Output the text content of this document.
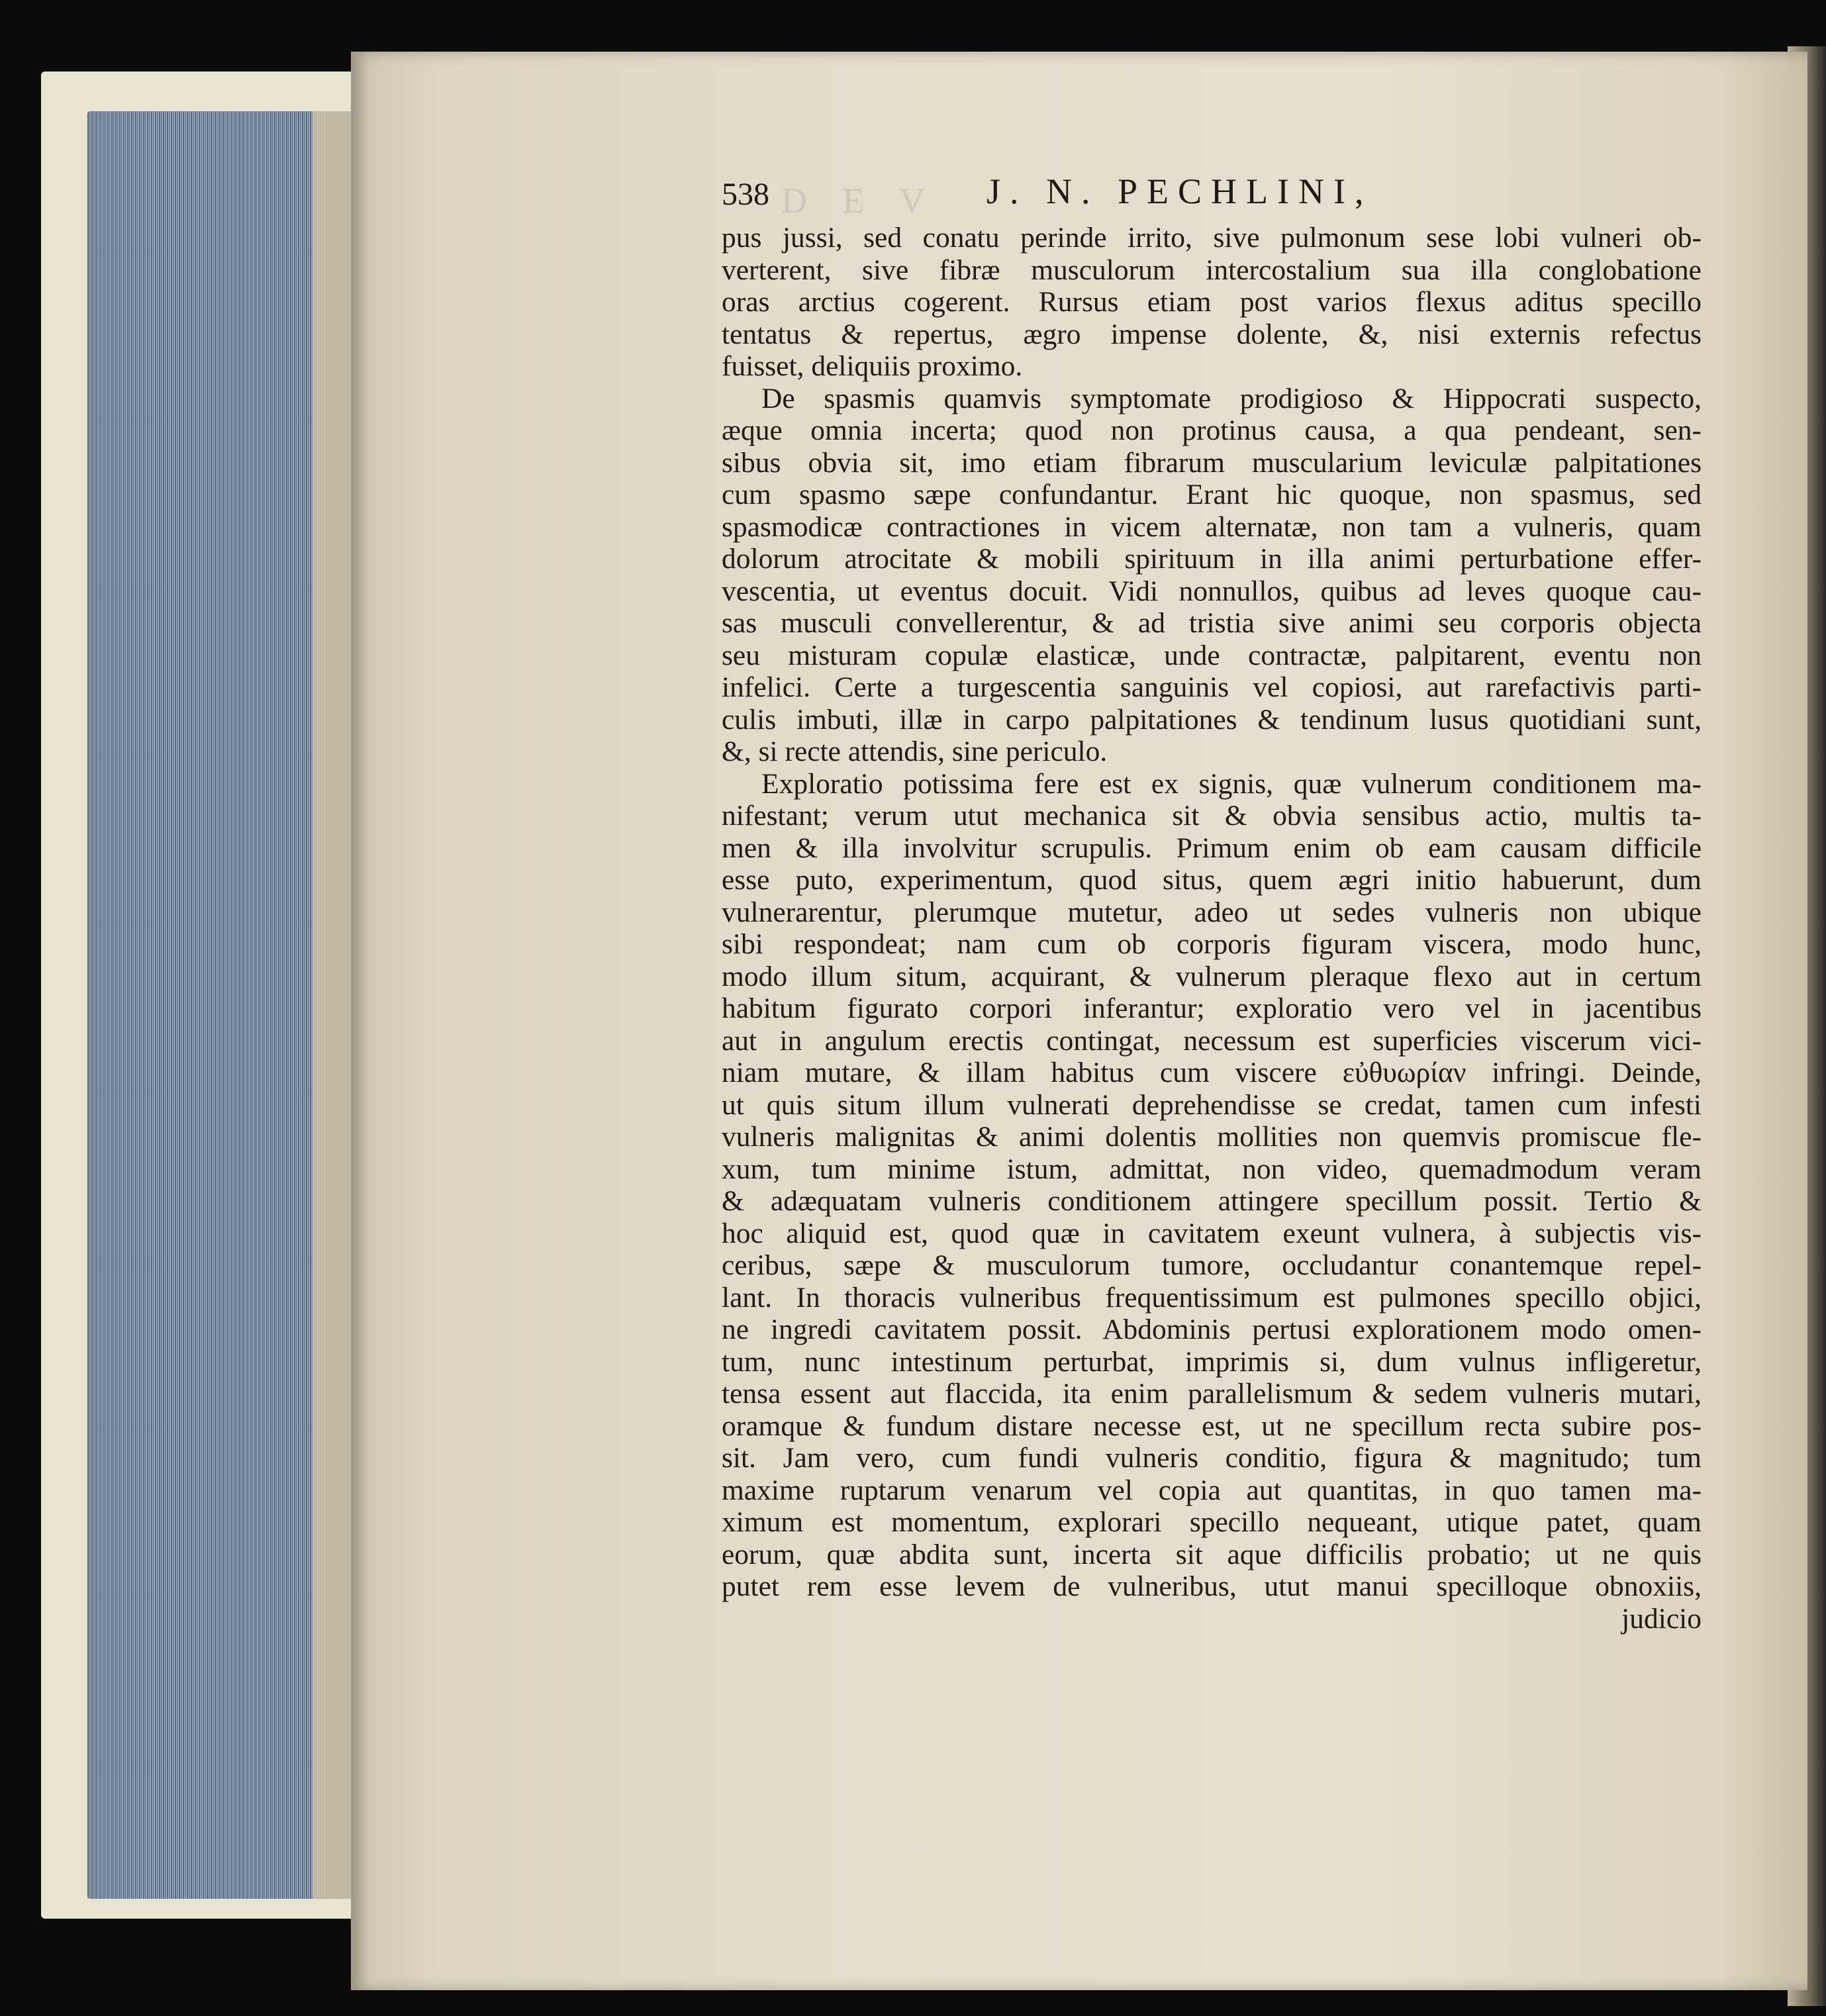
D E V
538	J. N. PECHLINI,
pus jussi, sed conatu perinde irrito, sive pulmonum sese lobi vulneri ob-
verterent, sive fibræ musculorum intercostalium sua illa conglobatione
oras arctius cogerent. Rursus etiam post varios flexus aditus specillo
tentatus & repertus, ægro impense dolente, &, nisi externis refectus
fuisset, deliquiis proximo.
De spasmis quamvis symptomate prodigioso & Hippocrati suspecto,
æque omnia incerta; quod non protinus causa, a qua pendeant, sen-
sibus obvia sit, imo etiam fibrarum muscularium leviculæ palpitationes
cum spasmo sæpe confundantur. Erant hic quoque, non spasmus, sed
spasmodicæ contractiones in vicem alternatæ, non tam a vulneris, quam
dolorum atrocitate & mobili spirituum in illa animi perturbatione effer-
vescentia, ut eventus docuit. Vidi nonnullos, quibus ad leves quoque cau-
sas musculi convellerentur, & ad tristia sive animi seu corporis objecta
seu misturam copulæ elasticæ, unde contractæ, palpitarent, eventu non
infelici. Certe a turgescentia sanguinis vel copiosi, aut rarefactivis parti-
culis imbuti, illæ in carpo palpitationes & tendinum lusus quotidiani sunt,
&, si recte attendis, sine periculo.
Exploratio potissima fere est ex signis, quæ vulnerum conditionem ma-
nifestant; verum utut mechanica sit & obvia sensibus actio, multis ta-
men & illa involvitur scrupulis. Primum enim ob eam causam difficile
esse puto, experimentum, quod situs, quem ægri initio habuerunt, dum
vulnerarentur, plerumque mutetur, adeo ut sedes vulneris non ubique
sibi respondeat; nam cum ob corporis figuram viscera, modo hunc,
modo illum situm, acquirant, & vulnerum pleraque flexo aut in certum
habitum figurato corpori inferantur; exploratio vero vel in jacentibus
aut in angulum erectis contingat, necessum est superficies viscerum vici-
niam mutare, & illam habitus cum viscere εὐθυωρίαν infringi. Deinde,
ut quis situm illum vulnerati deprehendisse se credat, tamen cum infesti
vulneris malignitas & animi dolentis mollities non quemvis promiscue fle-
xum, tum minime istum, admittat, non video, quemadmodum veram
& adæquatam vulneris conditionem attingere specillum possit. Tertio &
hoc aliquid est, quod quæ in cavitatem exeunt vulnera, à subjectis vis-
ceribus, sæpe & musculorum tumore, occludantur conantemque repel-
lant. In thoracis vulneribus frequentissimum est pulmones specillo objici,
ne ingredi cavitatem possit. Abdominis pertusi explorationem modo omen-
tum, nunc intestinum perturbat, imprimis si, dum vulnus infligeretur,
tensa essent aut flaccida, ita enim parallelismum & sedem vulneris mutari,
oramque & fundum distare necesse est, ut ne specillum recta subire pos-
sit. Jam vero, cum fundi vulneris conditio, figura & magnitudo; tum
maxime ruptarum venarum vel copia aut quantitas, in quo tamen ma-
ximum est momentum, explorari specillo nequeant, utique patet, quam
eorum, quæ abdita sunt, incerta sit aque difficilis probatio; ut ne quis
putet rem esse levem de vulneribus, utut manui specilloque obnoxiis,
judicio
